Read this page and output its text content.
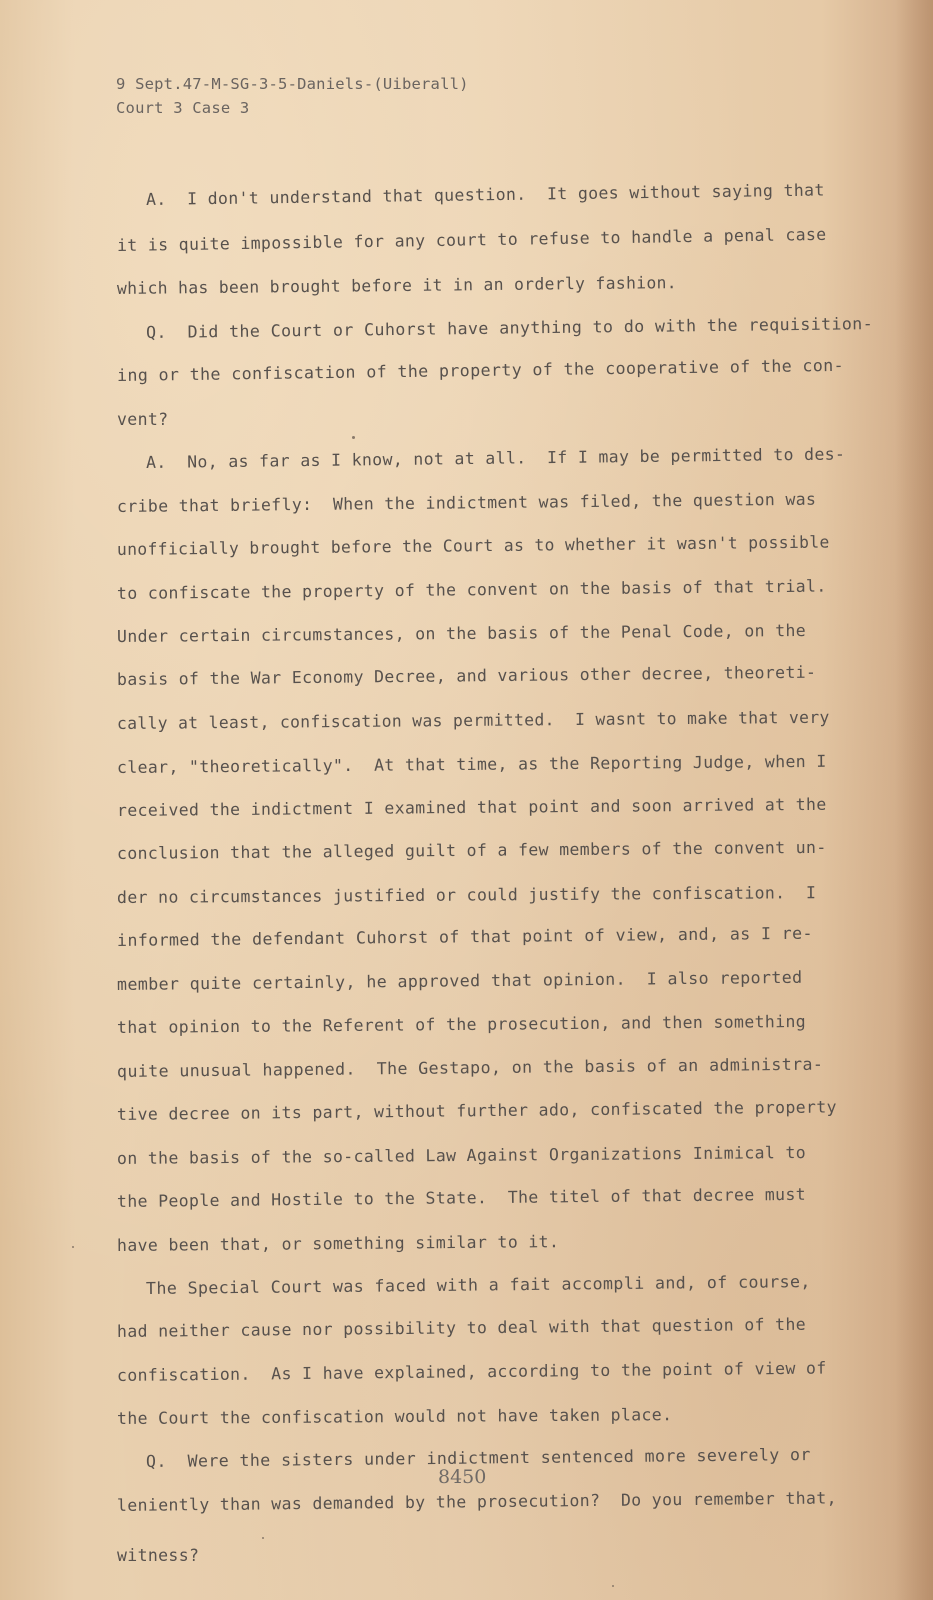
9 Sept.47-M-SG-3-5-Daniels-(Uiberall)
Court 3 Case 3
A.  I don't understand that question.  It goes without saying that
it is quite impossible for any court to refuse to handle a penal case
which has been brought before it in an orderly fashion.
Q.  Did the Court or Cuhorst have anything to do with the requisition-
ing or the confiscation of the property of the cooperative of the con-
vent?
A.  No, as far as I know, not at all.  If I may be permitted to des-
cribe that briefly:  When the indictment was filed, the question was
unofficially brought before the Court as to whether it wasn't possible
to confiscate the property of the convent on the basis of that trial.
Under certain circumstances, on the basis of the Penal Code, on the
basis of the War Economy Decree, and various other decree, theoreti-
cally at least, confiscation was permitted.  I wasnt to make that very
clear, "theoretically".  At that time, as the Reporting Judge, when I
received the indictment I examined that point and soon arrived at the
conclusion that the alleged guilt of a few members of the convent un-
der no circumstances justified or could justify the confiscation.  I
informed the defendant Cuhorst of that point of view, and, as I re-
member quite certainly, he approved that opinion.  I also reported
that opinion to the Referent of the prosecution, and then something
quite unusual happened.  The Gestapo, on the basis of an administra-
tive decree on its part, without further ado, confiscated the property
on the basis of the so-called Law Against Organizations Inimical to
the People and Hostile to the State.  The titel of that decree must
have been that, or something similar to it.
The Special Court was faced with a fait accompli and, of course,
had neither cause nor possibility to deal with that question of the
confiscation.  As I have explained, according to the point of view of
the Court the confiscation would not have taken place.
Q.  Were the sisters under indictment sentenced more severely or
leniently than was demanded by the prosecution?  Do you remember that,
witness?
8450
